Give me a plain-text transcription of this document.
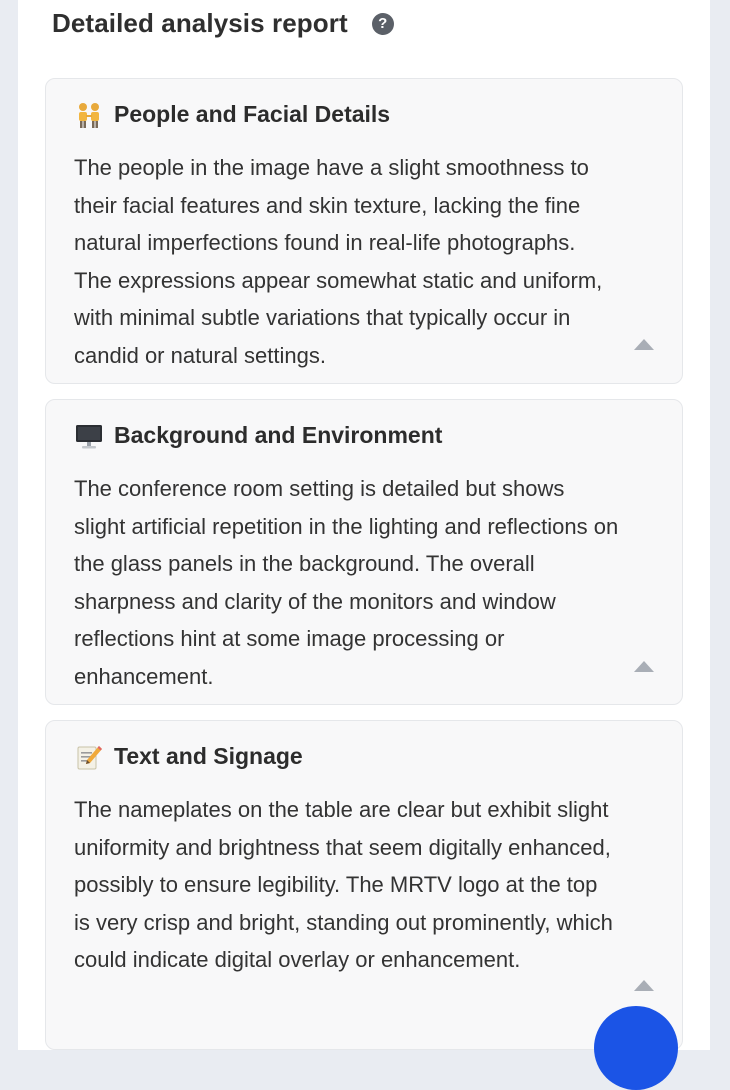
Detailed analysis report	?
People and Facial Details
The people in the image have a slight smoothness to their facial features and skin texture, lacking the fine natural imperfections found in real-life photographs. The expressions appear somewhat static and uniform, with minimal subtle variations that typically occur in candid or natural settings.
Background and Environment
The conference room setting is detailed but shows slight artificial repetition in the lighting and reflections on the glass panels in the background. The overall sharpness and clarity of the monitors and window reflections hint at some image processing or enhancement.
Text and Signage
The nameplates on the table are clear but exhibit slight uniformity and brightness that seem digitally enhanced, possibly to ensure legibility. The MRTV logo at the top is very crisp and bright, standing out prominently, which could indicate digital overlay or enhancement.
